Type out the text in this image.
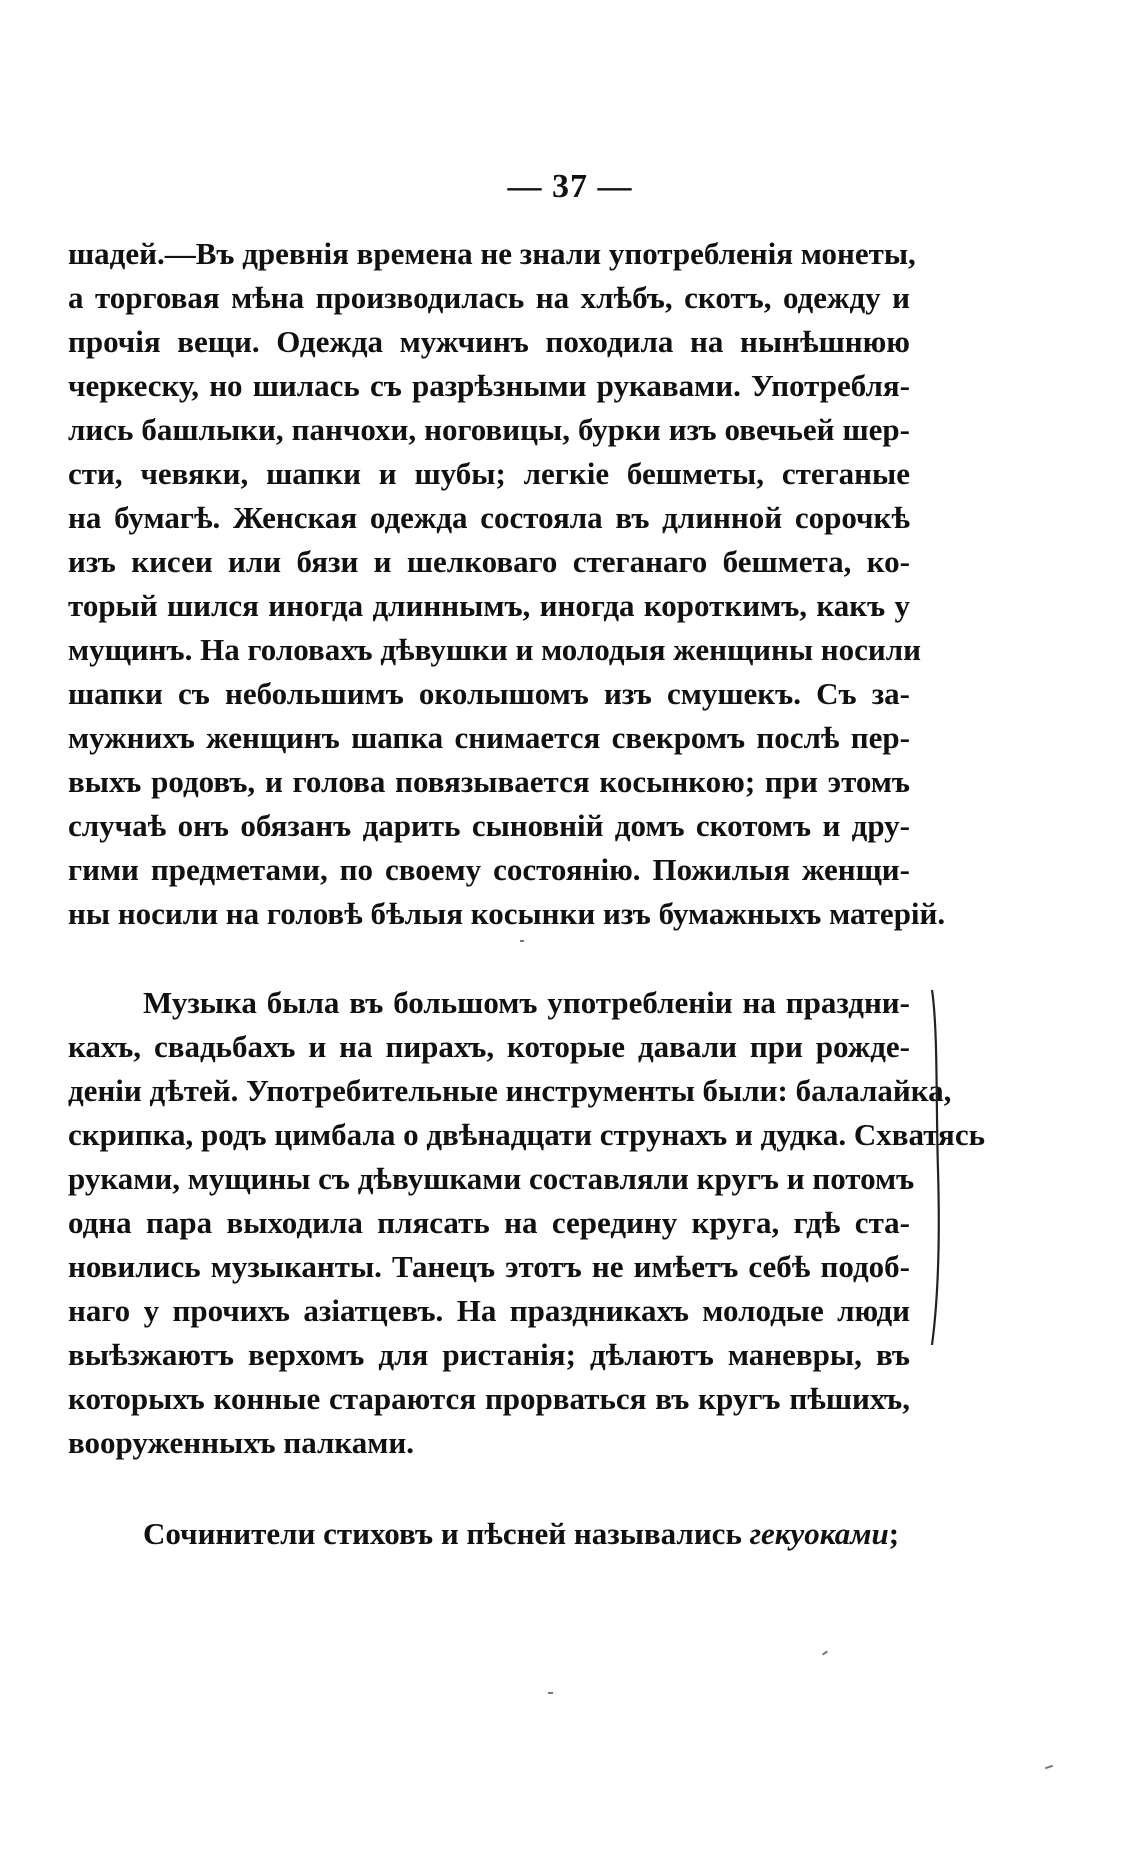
— 37 —
шадей.—Въ древнія времена не знали употребленія монеты,
а торговая мѣна производилась на хлѣбъ, скотъ, одежду и
прочія вещи. Одежда мужчинъ походила на нынѣшнюю
черкеску, но шилась съ разрѣзными рукавами. Употребля-
лись башлыки, панчохи, ноговицы, бурки изъ овечьей шер-
сти, чевяки, шапки и шубы; легкіе бешметы, стеганые
на бумагѣ. Женская одежда состояла въ длинной сорочкѣ
изъ кисеи или бязи и шелковаго стеганаго бешмета, ко-
торый шился иногда длиннымъ, иногда короткимъ, какъ у
мущинъ. На головахъ дѣвушки и молодыя женщины носили
шапки съ небольшимъ околышомъ изъ смушекъ. Съ за-
мужнихъ женщинъ шапка снимается свекромъ послѣ пер-
выхъ родовъ, и голова повязывается косынкою; при этомъ
случаѣ онъ обязанъ дарить сыновній домъ скотомъ и дру-
гими предметами, по своему состоянію. Пожилыя женщи-
ны носили на головѣ бѣлыя косынки изъ бумажныхъ матерій.
Музыка была въ большомъ употребленіи на праздни-
кахъ, свадьбахъ и на пирахъ, которые давали при рожде-
деніи дѣтей. Употребительные инструменты были: балалайка,
скрипка, родъ цимбала о двѣнадцати струнахъ и дудка. Схватясь
руками, мущины съ дѣвушками составляли кругъ и потомъ
одна пара выходила плясать на середину круга, гдѣ ста-
новились музыканты. Танецъ этотъ не имѣетъ себѣ подоб-
наго у прочихъ азіатцевъ. На праздникахъ молодые люди
выѣзжаютъ верхомъ для ристанія; дѣлаютъ маневры, въ
которыхъ конные стараются прорваться въ кругъ пѣшихъ,
вооруженныхъ палками.
Сочинители стиховъ и пѣсней назывались гекуоками;
